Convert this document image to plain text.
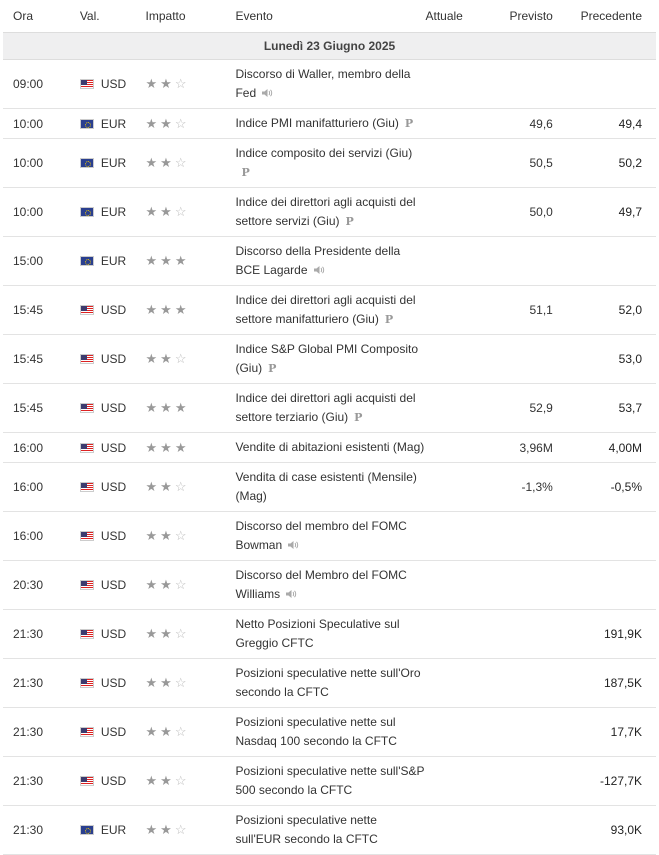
Ora	Val.	Impatto	Evento	Attuale	Previsto	Precedente
Lunedì 23 Giugno 2025						
09:00	USD	★★☆	Discorso di Waller, membro della Fed			

10:00	EUR	★★☆	Indice PMI manifatturiero (Giu) P		49,6	49,4
10:00	EUR	★★☆	Indice composito dei servizi (Giu)P		50,5	50,2
10:00	EUR	★★☆	Indice dei direttori agli acquisti del settore servizi (Giu) P		50,0	49,7
15:00	EUR	★★★	Discorso della Presidente della BCE Lagarde			

15:45	USD	★★★	Indice dei direttori agli acquisti del settore manifatturiero (Giu) P		51,1	52,0
15:45	USD	★★☆	Indice S&P Global PMI Composito (Giu) P			53,0
15:45	USD	★★★	Indice dei direttori agli acquisti del settore terziario (Giu) P		52,9	53,7
16:00	USD	★★★	Vendite di abitazioni esistenti (Mag)		3,96M	4,00M
16:00	USD	★★☆	Vendita di case esistenti (Mensile) (Mag)		-1,3%	-0,5%
16:00	USD	★★☆	Discorso del membro del FOMC Bowman			

20:30	USD	★★☆	Discorso del Membro del FOMC Williams			

21:30	USD	★★☆	Netto Posizioni Speculative sul Greggio CFTC			191,9K
21:30	USD	★★☆	Posizioni speculative nette sull'Oro secondo la CFTC			187,5K
21:30	USD	★★☆	Posizioni speculative nette sul Nasdaq 100 secondo la CFTC			17,7K
21:30	USD	★★☆	Posizioni speculative nette sull'S&P 500 secondo la CFTC			-127,7K
21:30	EUR	★★☆	Posizioni speculative nette sull'EUR secondo la CFTC			93,0K
